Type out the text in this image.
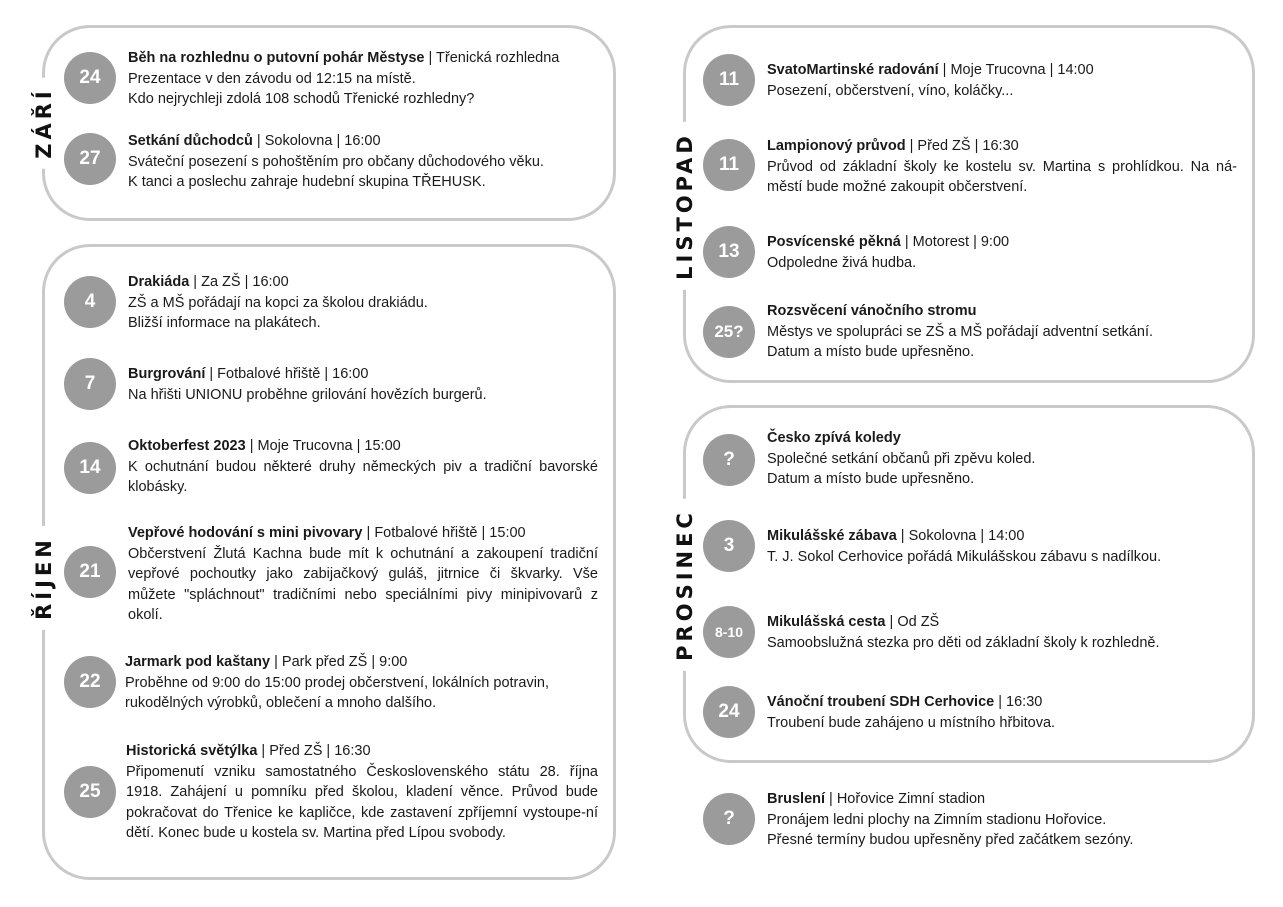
ZÁŘÍ
24

Běh na rozhlednu o putovní pohár Městyse | Třenická rozhledna

Prezentace v den závodu od 12:15 na místě.

Kdo nejrychleji zdolá 108 schodů Třenické rozhledny?

27

Setkání důchodců | Sokolovna | 16:00

Sváteční posezení s pohoštěním pro občany důchodového věku.

K tanci a poslechu zahraje hudební skupina TŘEHUSK.

ŘÍJEN
4

Drakiáda | Za ZŠ | 16:00

ZŠ a MŠ pořádají na kopci za školou drakiádu.

Bližší informace na plakátech.

7	Burgrování | Fotbalové hřiště | 16:00

Na hřišti UNIONU proběhne grilování hovězích burgerů.

14

Oktoberfest 2023 | Moje Trucovna | 15:00

K ochutnání budou některé druhy německých piv a tradiční bavorské klobásky.

21

Vepřové hodování s mini pivovary | Fotbalové hřiště | 15:00

Občerstvení Žlutá Kachna bude mít k ochutnání a zakoupení tradiční vepřové pochoutky jako zabijačkový guláš, jitrnice či škvarky. Vše můžete "spláchnout" tradičními nebo speciálními pivy minipivovarů z okolí.

22

Jarmark pod kaštany | Park před ZŠ | 9:00

Proběhne od 9:00 do 15:00 prodej občerstvení, lokálních potravin, rukodělných výrobků, oblečení a mnoho dalšího.

25

Historická světýlka | Před ZŠ | 16:30

Připomenutí vzniku samostatného Československého státu 28. října 1918. Zahájení u pomníku před školou, kladení věnce. Průvod bude pokračovat do Třenice ke kapličce, kde zastavení zpříjemní vystoupe-ní dětí. Konec bude u kostela sv. Martina před Lípou svobody.

LISTOPAD
11	SvatoMartinské radování | Moje Trucovna | 14:00

Posezení, občerstvení, víno, koláčky...

11

Lampionový průvod | Před ZŠ | 16:30

Průvod od základní školy ke kostelu sv. Martina s prohlídkou. Na ná-městí bude možné zakoupit občerstvení.

13	Posvícenské pěkná | Motorest | 9:00

Odpoledne živá hudba.

25?

Rozsvěcení vánočního stromu

Městys ve spolupráci se ZŠ a MŠ pořádají adventní setkání.

Datum a místo bude upřesněno.

PROSINEC
?

Česko zpívá koledy

Společné setkání občanů při zpěvu koled.

Datum a místo bude upřesněno.

3	Mikulášské zábava | Sokolovna | 14:00

T. J. Sokol Cerhovice pořádá Mikulášskou zábavu s nadílkou.

8-10

Mikulášská cesta | Od ZŠ

Samoobslužná stezka pro děti od základní školy k rozhledně.

24	Vánoční troubení SDH Cerhovice | 16:30

Troubení bude zahájeno u místního hřbitova.

?

Bruslení | Hořovice Zimní stadion

Pronájem ledni plochy na Zimním stadionu Hořovice.

Přesné termíny budou upřesněny před začátkem sezóny.
